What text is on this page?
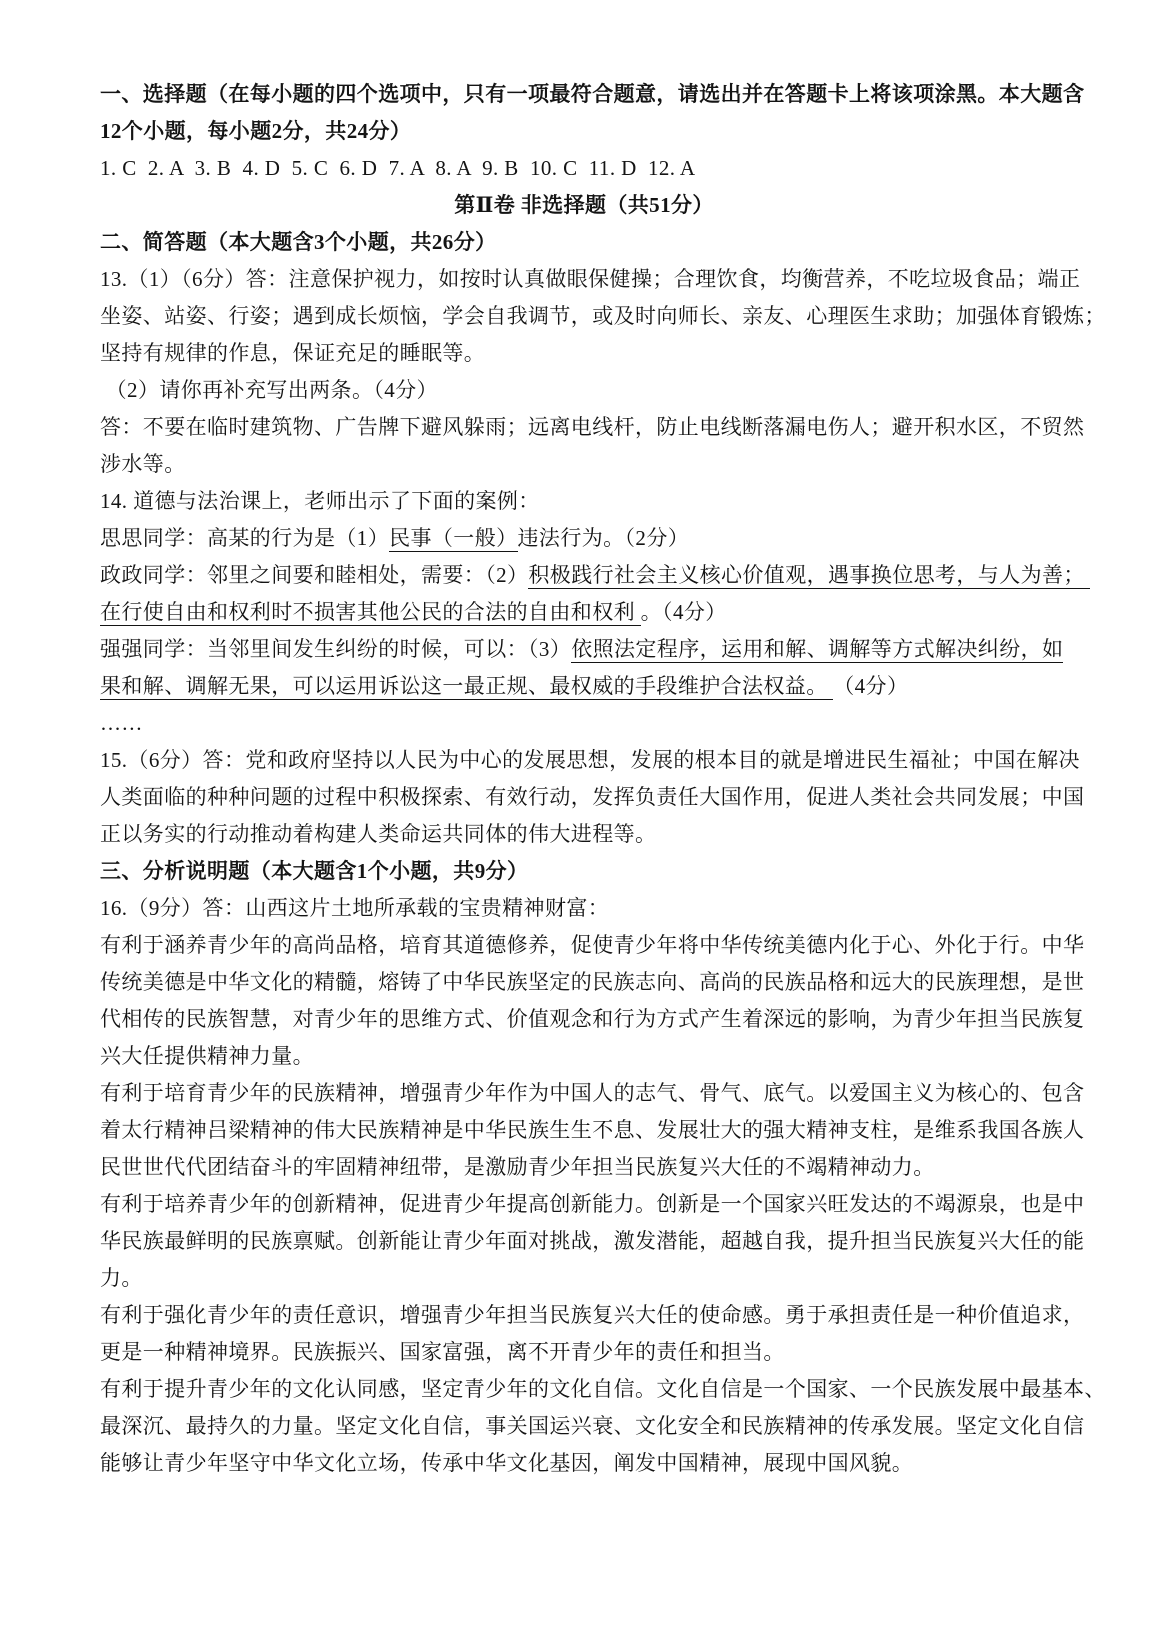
一、选择题（在每小题的四个选项中，只有一项最符合题意，请选出并在答题卡上将该项涂黑。本大题含
12个小题，每小题2分，共24分）
1. C  2. A  3. B  4. D  5. C  6. D  7. A  8. A  9. B  10. C  11. D  12. A
第Ⅱ卷 非选择题（共51分）
二、简答题（本大题含3个小题，共26分）
13.（1）（6分）答：注意保护视力，如按时认真做眼保健操；合理饮食，均衡营养，不吃垃圾食品；端正
坐姿、站姿、行姿；遇到成长烦恼，学会自我调节，或及时向师长、亲友、心理医生求助；加强体育锻炼；
坚持有规律的作息，保证充足的睡眠等。
（2）请你再补充写出两条。（4分）
答：不要在临时建筑物、广告牌下避风躲雨；远离电线杆，防止电线断落漏电伤人；避开积水区，不贸然
涉水等。
14. 道德与法治课上，老师出示了下面的案例：
思思同学：高某的行为是（1）民事（一般）违法行为。（2分）
政政同学：邻里之间要和睦相处，需要：（2）积极践行社会主义核心价值观，遇事换位思考，与人为善；
在行使自由和权利时不损害其他公民的合法的自由和权利 。（4分）
强强同学：当邻里间发生纠纷的时候，可以：（3）依照法定程序，运用和解、调解等方式解决纠纷，如
果和解、调解无果，可以运用诉讼这一最正规、最权威的手段维护合法权益。 （4分）
……
15.（6分）答：党和政府坚持以人民为中心的发展思想，发展的根本目的就是增进民生福祉；中国在解决
人类面临的种种问题的过程中积极探索、有效行动，发挥负责任大国作用，促进人类社会共同发展；中国
正以务实的行动推动着构建人类命运共同体的伟大进程等。
三、分析说明题（本大题含1个小题，共9分）
16.（9分）答：山西这片土地所承载的宝贵精神财富：
有利于涵养青少年的高尚品格，培育其道德修养，促使青少年将中华传统美德内化于心、外化于行。中华
传统美德是中华文化的精髓，熔铸了中华民族坚定的民族志向、高尚的民族品格和远大的民族理想，是世
代相传的民族智慧，对青少年的思维方式、价值观念和行为方式产生着深远的影响，为青少年担当民族复
兴大任提供精神力量。
有利于培育青少年的民族精神，增强青少年作为中国人的志气、骨气、底气。以爱国主义为核心的、包含
着太行精神吕梁精神的伟大民族精神是中华民族生生不息、发展壮大的强大精神支柱，是维系我国各族人
民世世代代团结奋斗的牢固精神纽带，是激励青少年担当民族复兴大任的不竭精神动力。
有利于培养青少年的创新精神，促进青少年提高创新能力。创新是一个国家兴旺发达的不竭源泉，也是中
华民族最鲜明的民族禀赋。创新能让青少年面对挑战，激发潜能，超越自我，提升担当民族复兴大任的能
力。
有利于强化青少年的责任意识，增强青少年担当民族复兴大任的使命感。勇于承担责任是一种价值追求，
更是一种精神境界。民族振兴、国家富强，离不开青少年的责任和担当。
有利于提升青少年的文化认同感，坚定青少年的文化自信。文化自信是一个国家、一个民族发展中最基本、
最深沉、最持久的力量。坚定文化自信，事关国运兴衰、文化安全和民族精神的传承发展。坚定文化自信
能够让青少年坚守中华文化立场，传承中华文化基因，阐发中国精神，展现中国风貌。
